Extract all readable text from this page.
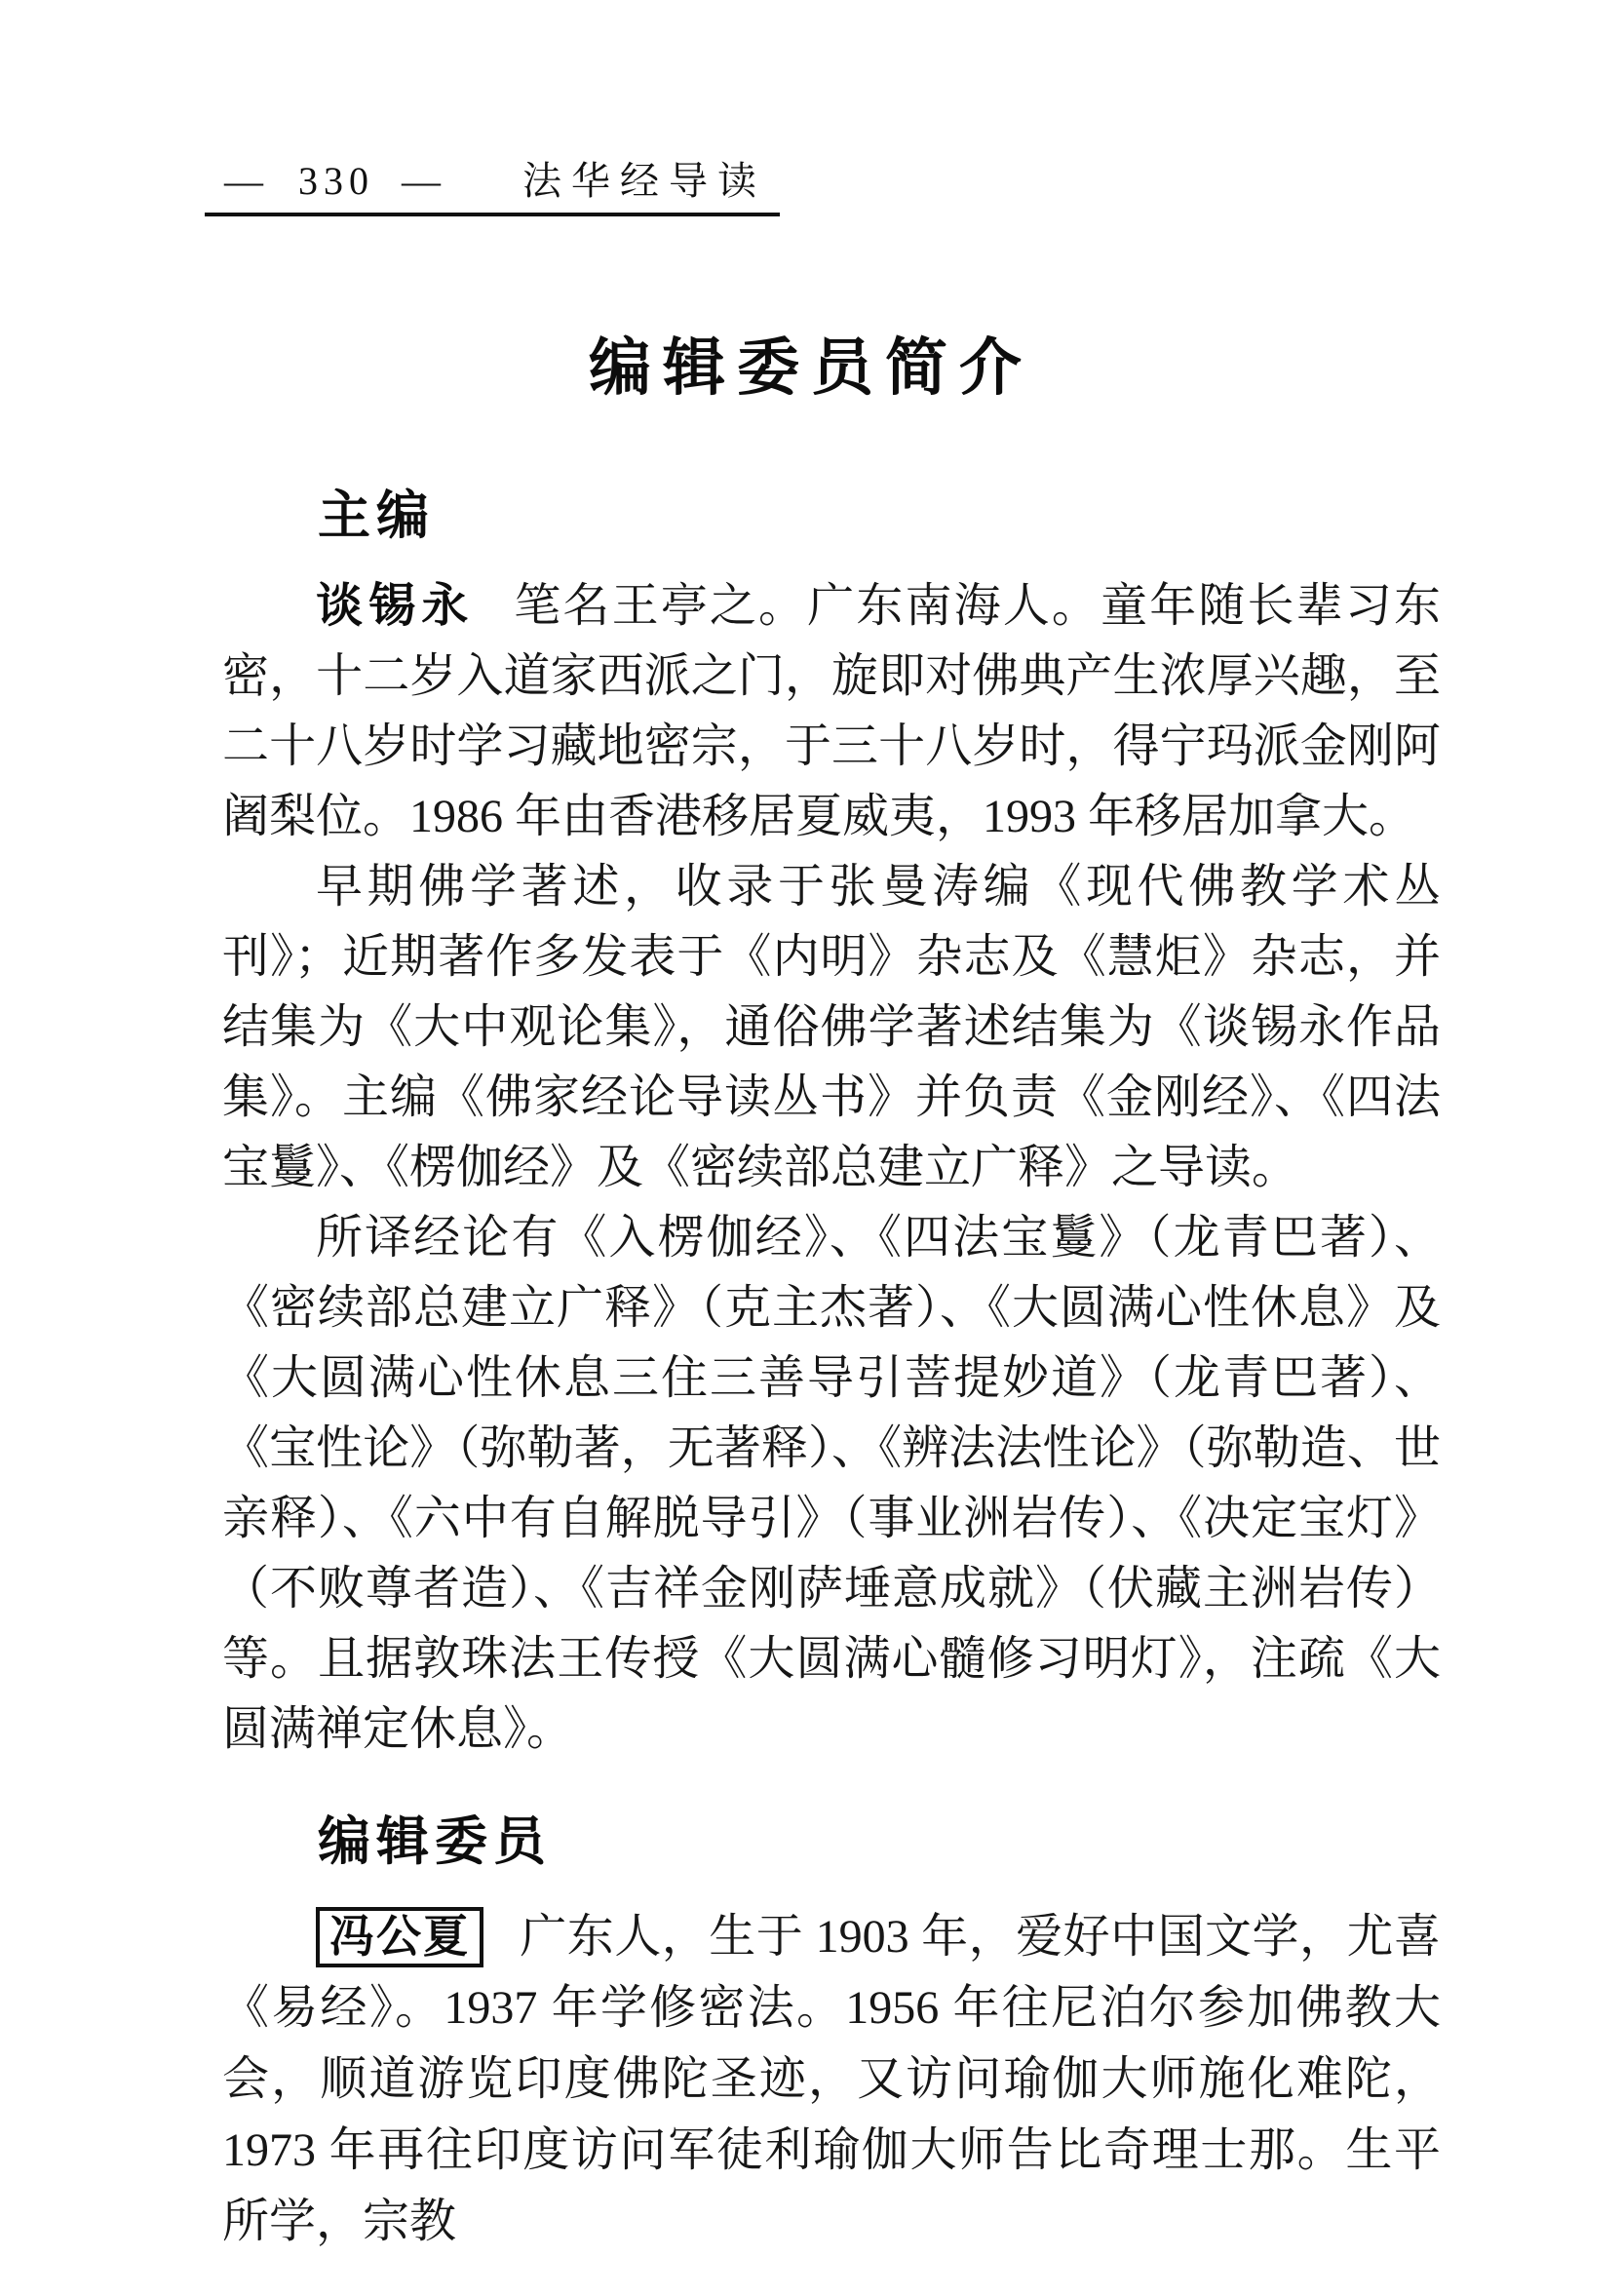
— 330 — 法华经导读
编辑委员简介
主编

谈锡永 笔名王亭之。广东南海人。童年随长辈习东密，十二岁入道家西派之门，旋即对佛典产生浓厚兴趣，至二十八岁时学习藏地密宗，于三十八岁时，得宁玛派金刚阿阇梨位。1986 年由香港移居夏威夷，1993 年移居加拿大。

早期佛学著述，收录于张曼涛编《现代佛教学术丛刊》；近期著作多发表于《内明》杂志及《慧炬》杂志，并结集为《大中观论集》，通俗佛学著述结集为《谈锡永作品集》。主编《佛家经论导读丛书》并负责《金刚经》、《四法宝鬘》、《楞伽经》及《密续部总建立广释》之导读。

所译经论有《入楞伽经》、《四法宝鬘》（龙青巴著）、《密续部总建立广释》（克主杰著）、《大圆满心性休息》及《大圆满心性休息三住三善导引菩提妙道》（龙青巴著）、《宝性论》（弥勒著，无著释）、《辨法法性论》（弥勒造、世亲释）、《六中有自解脱导引》（事业洲岩传）、《决定宝灯》（不败尊者造）、《吉祥金刚萨埵意成就》（伏藏主洲岩传）等。且据敦珠法王传授《大圆满心髓修习明灯》，注疏《大圆满禅定休息》。

编辑委员

冯公夏 广东人，生于 1903 年，爱好中国文学，尤喜《易经》。1937 年学修密法。1956 年往尼泊尔参加佛教大会，顺道游览印度佛陀圣迹，又访问瑜伽大师施化难陀，1973 年再往印度访问军徒利瑜伽大师告比奇理士那。生平所学，宗教
